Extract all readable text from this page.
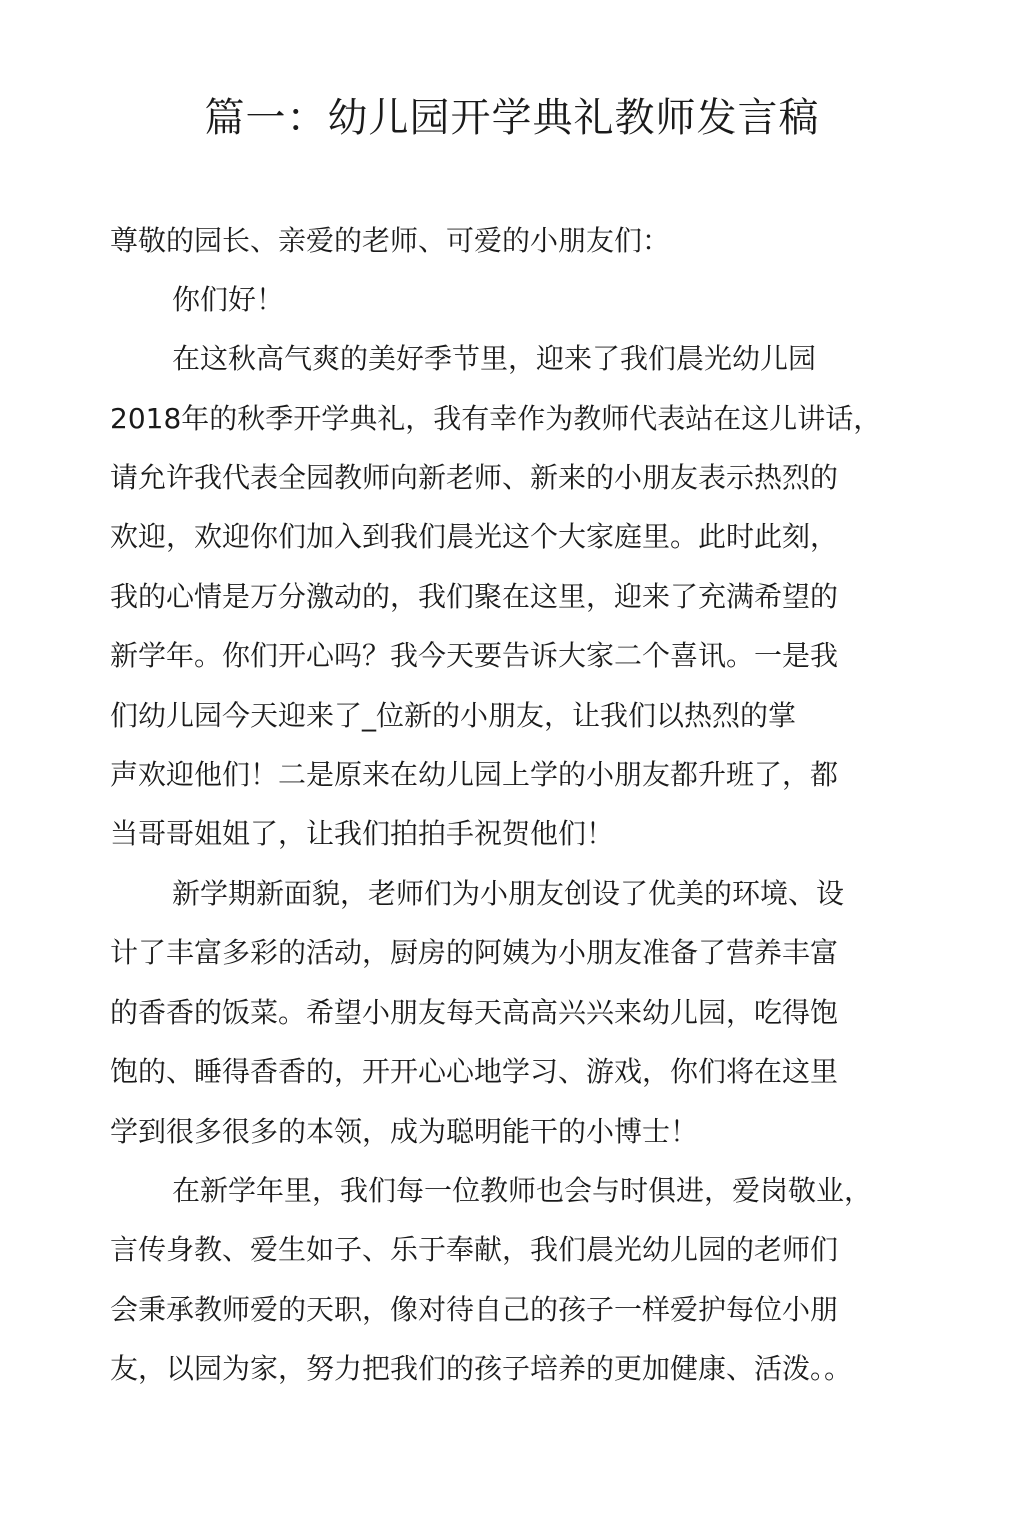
篇一：幼儿园开学典礼教师发言稿

尊敬的园长、亲爱的老师、可爱的小朋友们：

你们好！

在这秋高气爽的美好季节里，迎来了我们晨光幼儿园

2018年的秋季开学典礼，我有幸作为教师代表站在这儿讲话，

请允许我代表全园教师向新老师、新来的小朋友表示热烈的

欢迎，欢迎你们加入到我们晨光这个大家庭里。此时此刻，

我的心情是万分激动的，我们聚在这里，迎来了充满希望的

新学年。你们开心吗？我今天要告诉大家二个喜讯。一是我

们幼儿园今天迎来了_位新的小朋友，让我们以热烈的掌

声欢迎他们！二是原来在幼儿园上学的小朋友都升班了，都

当哥哥姐姐了，让我们拍拍手祝贺他们！

新学期新面貌，老师们为小朋友创设了优美的环境、设

计了丰富多彩的活动，厨房的阿姨为小朋友准备了营养丰富

的香香的饭菜。希望小朋友每天高高兴兴来幼儿园，吃得饱

饱的、睡得香香的，开开心心地学习、游戏，你们将在这里

学到很多很多的本领，成为聪明能干的小博士！

在新学年里，我们每一位教师也会与时俱进，爱岗敬业，

言传身教、爱生如子、乐于奉献，我们晨光幼儿园的老师们

会秉承教师爱的天职，像对待自己的孩子一样爱护每位小朋

友，以园为家，努力把我们的孩子培养的更加健康、活泼。。
